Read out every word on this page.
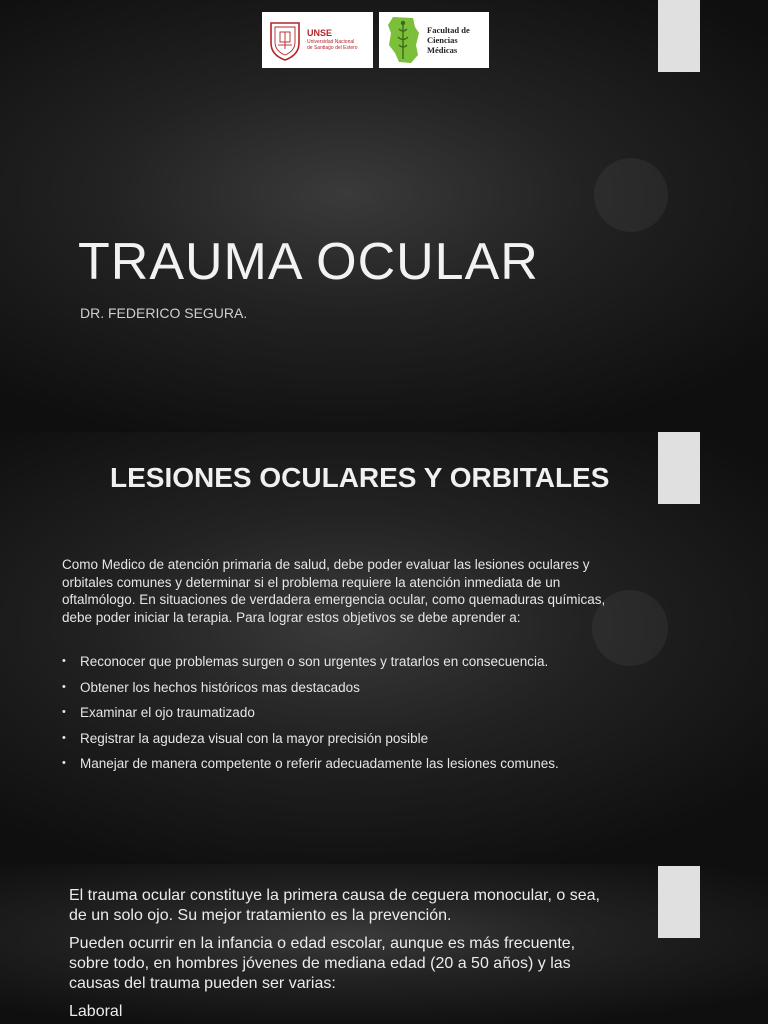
UNSE
Universidad Nacional
de Santiago del Estero
Facultad de
Ciencias Médicas
TRAUMA OCULAR
DR. FEDERICO SEGURA.
LESIONES OCULARES Y ORBITALES

Como Medico de atención primaria de salud, debe poder evaluar las lesiones oculares y orbitales comunes y determinar si el problema requiere la atención inmediata de un oftalmólogo. En situaciones de verdadera emergencia ocular, como quemaduras químicas, debe poder iniciar la terapia. Para lograr estos objetivos se debe aprender a:

• Reconocer que problemas surgen o son urgentes y tratarlos en consecuencia.
• Obtener los hechos históricos mas destacados
• Examinar el ojo traumatizado
• Registrar la agudeza visual con la mayor precisión posible
• Manejar de manera competente o referir adecuadamente las lesiones comunes.

El trauma ocular constituye la primera causa de ceguera monocular, o sea, de un solo ojo. Su mejor tratamiento es la prevención.

Pueden ocurrir en la infancia o edad escolar, aunque es más frecuente, sobre todo, en hombres jóvenes de mediana edad (20 a 50 años) y las causas del trauma pueden ser varias:

Laboral
